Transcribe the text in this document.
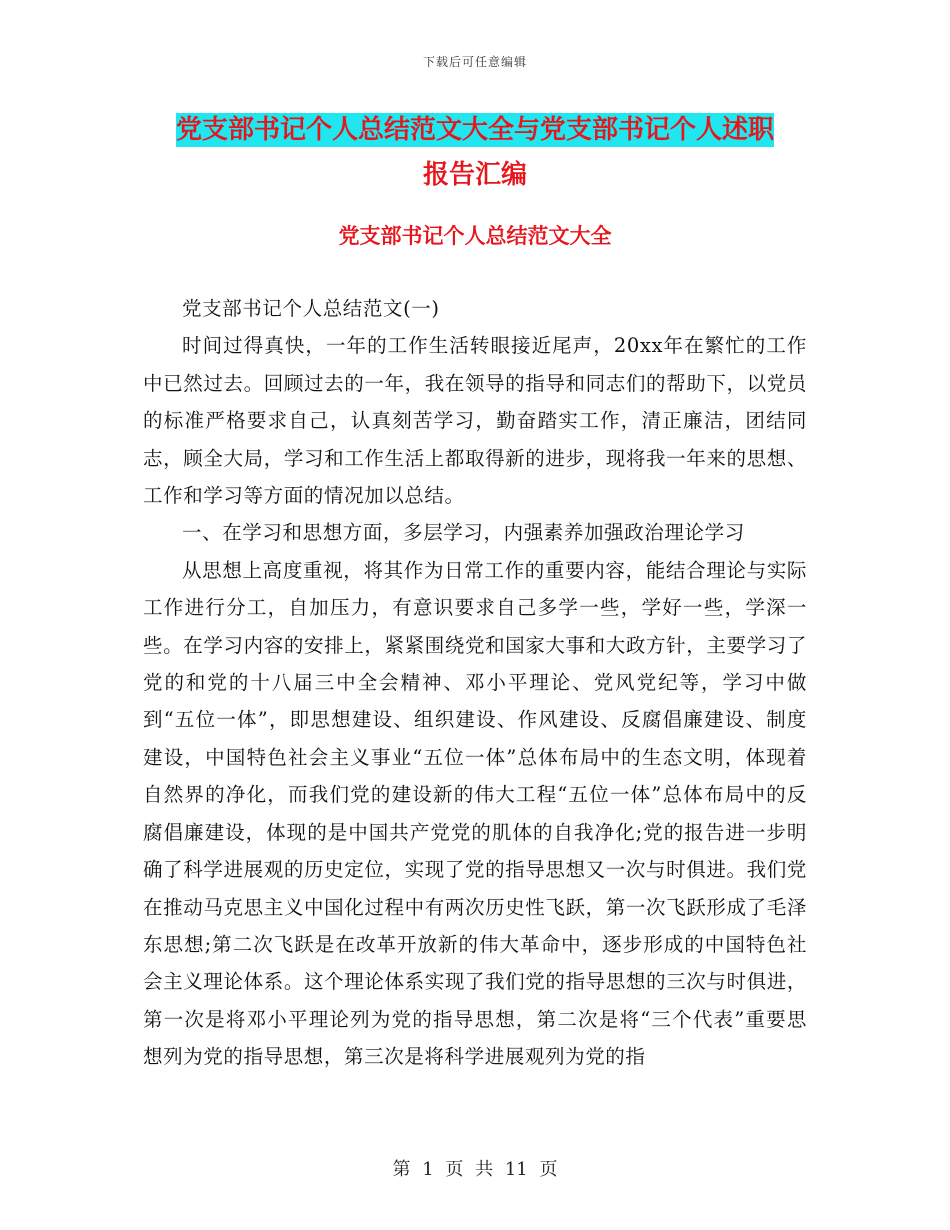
下载后可任意编辑
党支部书记个人总结范文大全与党支部书记个人述职
报告汇编
党支部书记个人总结范文大全

党支部书记个人总结范文(一)

时间过得真快，一年的工作生活转眼接近尾声，20xx年在繁忙的工作中已然过去。回顾过去的一年，我在领导的指导和同志们的帮助下，以党员的标准严格要求自己，认真刻苦学习，勤奋踏实工作，清正廉洁，团结同志，顾全大局，学习和工作生活上都取得新的进步，现将我一年来的思想、工作和学习等方面的情况加以总结。

一、在学习和思想方面，多层学习，内强素养加强政治理论学习

从思想上高度重视，将其作为日常工作的重要内容，能结合理论与实际工作进行分工，自加压力，有意识要求自己多学一些，学好一些，学深一些。在学习内容的安排上，紧紧围绕党和国家大事和大政方针，主要学习了党的和党的十八届三中全会精神、邓小平理论、党风党纪等，学习中做到“五位一体”，即思想建设、组织建设、作风建设、反腐倡廉建设、制度建设，中国特色社会主义事业“五位一体”总体布局中的生态文明，体现着自然界的净化，而我们党的建设新的伟大工程“五位一体”总体布局中的反腐倡廉建设，体现的是中国共产党党的肌体的自我净化;党的报告进一步明确了科学进展观的历史定位，实现了党的指导思想又一次与时俱进。我们党在推动马克思主义中国化过程中有两次历史性飞跃，第一次飞跃形成了毛泽东思想;第二次飞跃是在改革开放新的伟大革命中，逐步形成的中国特色社会主义理论体系。这个理论体系实现了我们党的指导思想的三次与时俱进，第一次是将邓小平理论列为党的指导思想，第二次是将“三个代表”重要思想列为党的指导思想，第三次是将科学进展观列为党的指

第 1 页 共 11 页
